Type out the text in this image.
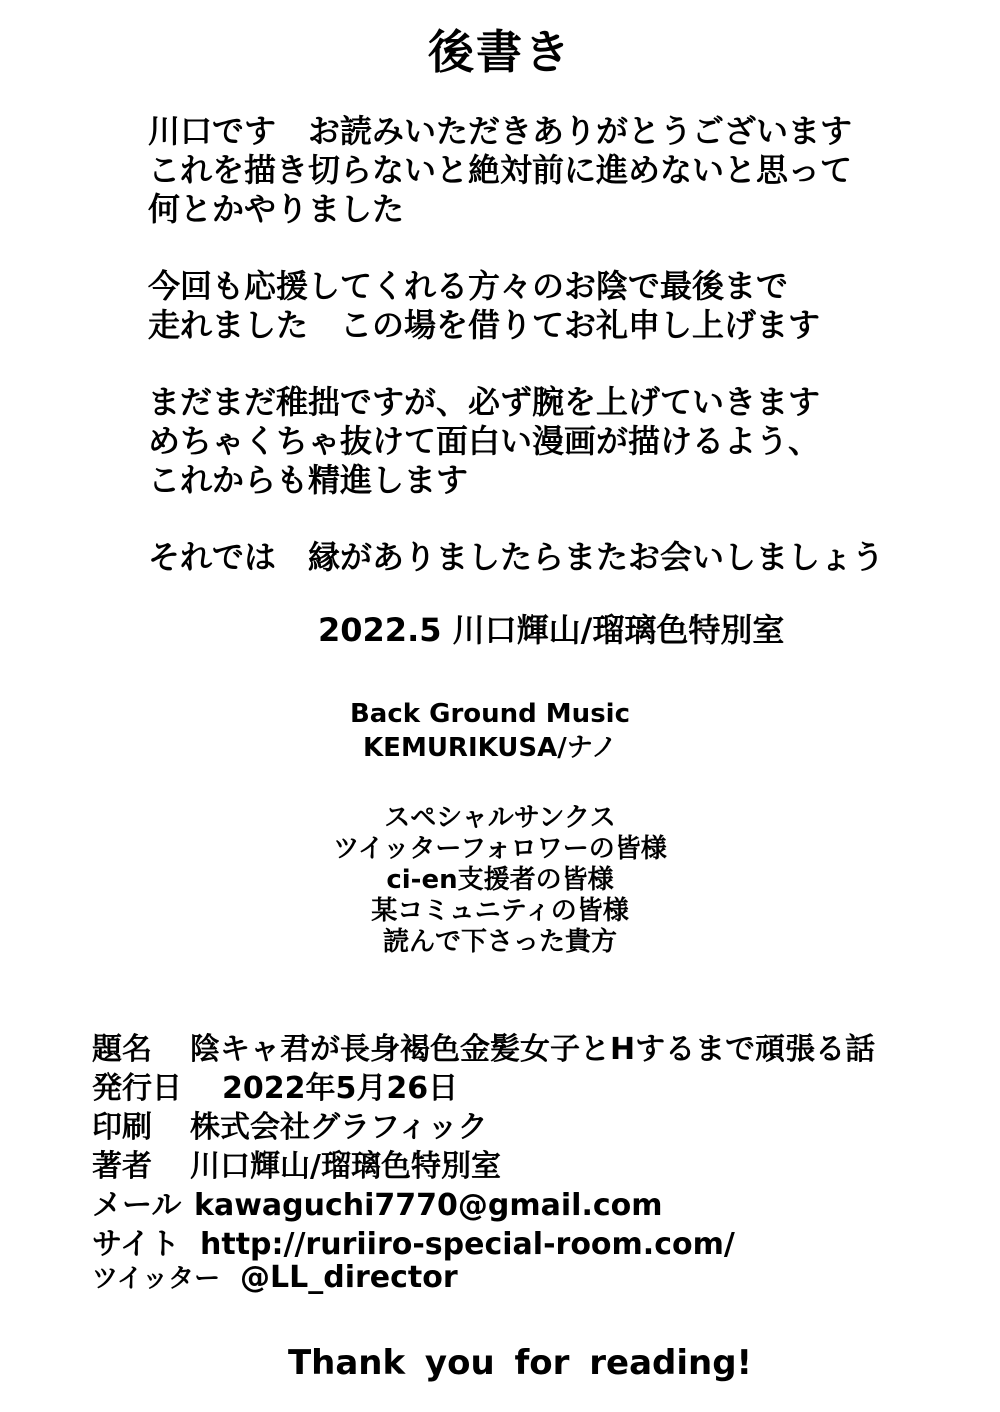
後書き
川口です　お読みいただきありがとうございます
これを描き切らないと絶対前に進めないと思って
何とかやりました
今回も応援してくれる方々のお陰で最後まで
走れました　この場を借りてお礼申し上げます
まだまだ稚拙ですが、必ず腕を上げていきます
めちゃくちゃ抜けて面白い漫画が描けるよう、
これからも精進します
それでは　縁がありましたらまたお会いしましょう
2022.5 川口輝山/瑠璃色特別室
Back Ground Music
KEMURIKUSA/ナノ
スペシャルサンクス
ツイッターフォロワーの皆様
ci-en支援者の皆様
某コミュニティの皆様
読んで下さった貴方
題名	陰キャ君が長身褐色金髪女子とHするまで頑張る話
発行日	2022年5月26日
印刷	株式会社グラフィック
著者	川口輝山/瑠璃色特別室
メール kawaguchi7770@gmail.com
サイト http://ruriiro-special-room.com/
ツイッター @LL_director
Thank you for reading!
